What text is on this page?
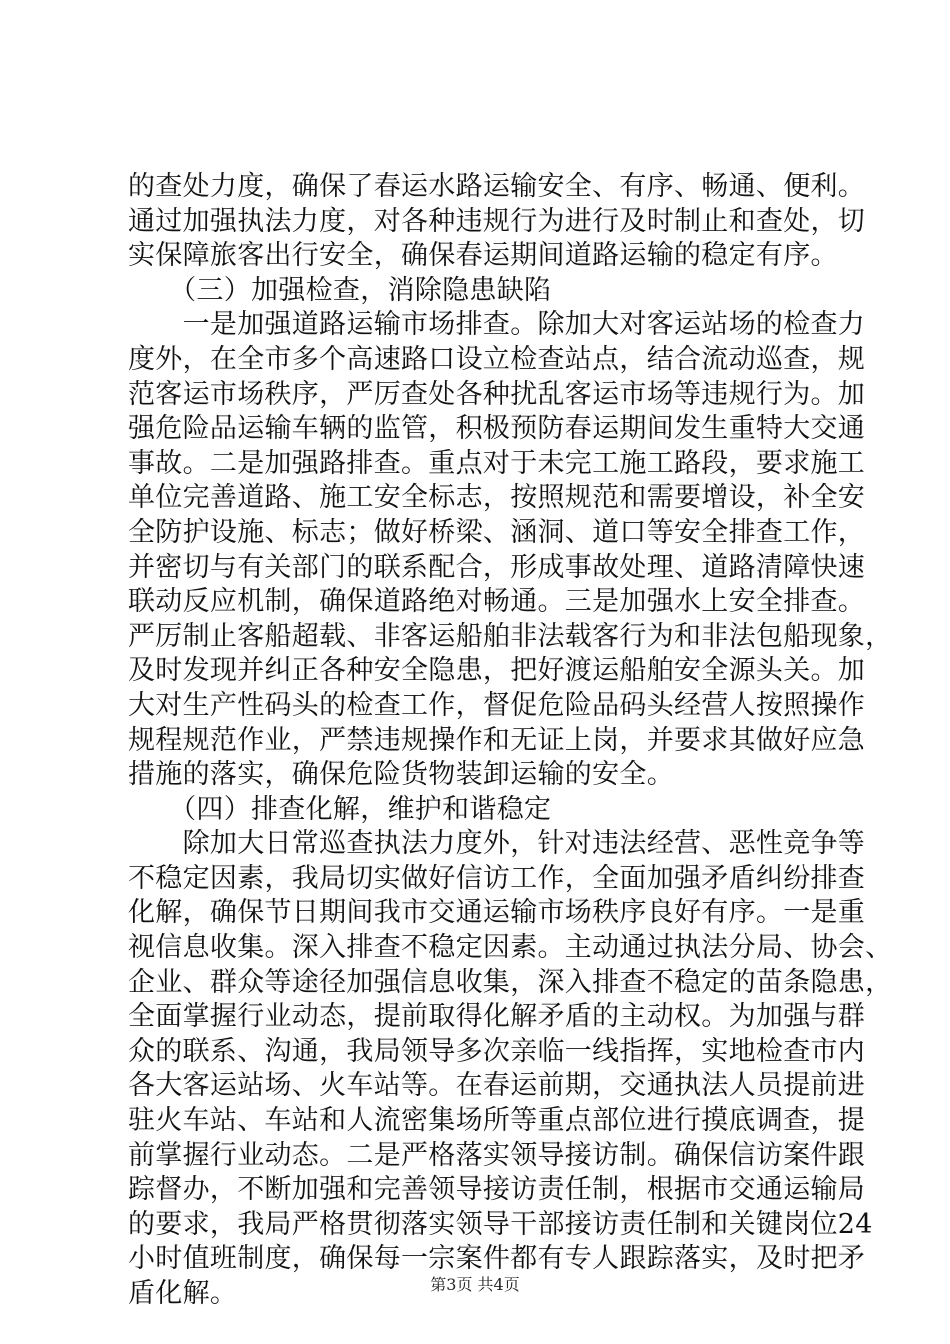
的查处力度，确保了春运水路运输安全、有序、畅通、便利。
通过加强执法力度，对各种违规行为进行及时制止和查处，切
实保障旅客出行安全，确保春运期间道路运输的稳定有序。
　　（三）加强检查，消除隐患缺陷
　　一是加强道路运输市场排查。除加大对客运站场的检查力
度外，在全市多个高速路口设立检查站点，结合流动巡查，规
范客运市场秩序，严厉查处各种扰乱客运市场等违规行为。加
强危险品运输车辆的监管，积极预防春运期间发生重特大交通
事故。二是加强路排查。重点对于未完工施工路段，要求施工
单位完善道路、施工安全标志，按照规范和需要增设，补全安
全防护设施、标志；做好桥梁、涵洞、道口等安全排查工作，
并密切与有关部门的联系配合，形成事故处理、道路清障快速
联动反应机制，确保道路绝对畅通。三是加强水上安全排查。
严厉制止客船超载、非客运船舶非法载客行为和非法包船现象，
及时发现并纠正各种安全隐患，把好渡运船舶安全源头关。加
大对生产性码头的检查工作，督促危险品码头经营人按照操作
规程规范作业，严禁违规操作和无证上岗，并要求其做好应急
措施的落实，确保危险货物装卸运输的安全。
　　（四）排查化解，维护和谐稳定
　　除加大日常巡查执法力度外，针对违法经营、恶性竞争等
不稳定因素，我局切实做好信访工作，全面加强矛盾纠纷排查
化解，确保节日期间我市交通运输市场秩序良好有序。一是重
视信息收集。深入排查不稳定因素。主动通过执法分局、协会、
企业、群众等途径加强信息收集，深入排查不稳定的苗条隐患，
全面掌握行业动态，提前取得化解矛盾的主动权。为加强与群
众的联系、沟通，我局领导多次亲临一线指挥，实地检查市内
各大客运站场、火车站等。在春运前期，交通执法人员提前进
驻火车站、车站和人流密集场所等重点部位进行摸底调查，提
前掌握行业动态。二是严格落实领导接访制。确保信访案件跟
踪督办，不断加强和完善领导接访责任制，根据市交通运输局
的要求，我局严格贯彻落实领导干部接访责任制和关键岗位24
小时值班制度，确保每一宗案件都有专人跟踪落实，及时把矛
盾化解。	第3页 共4页
